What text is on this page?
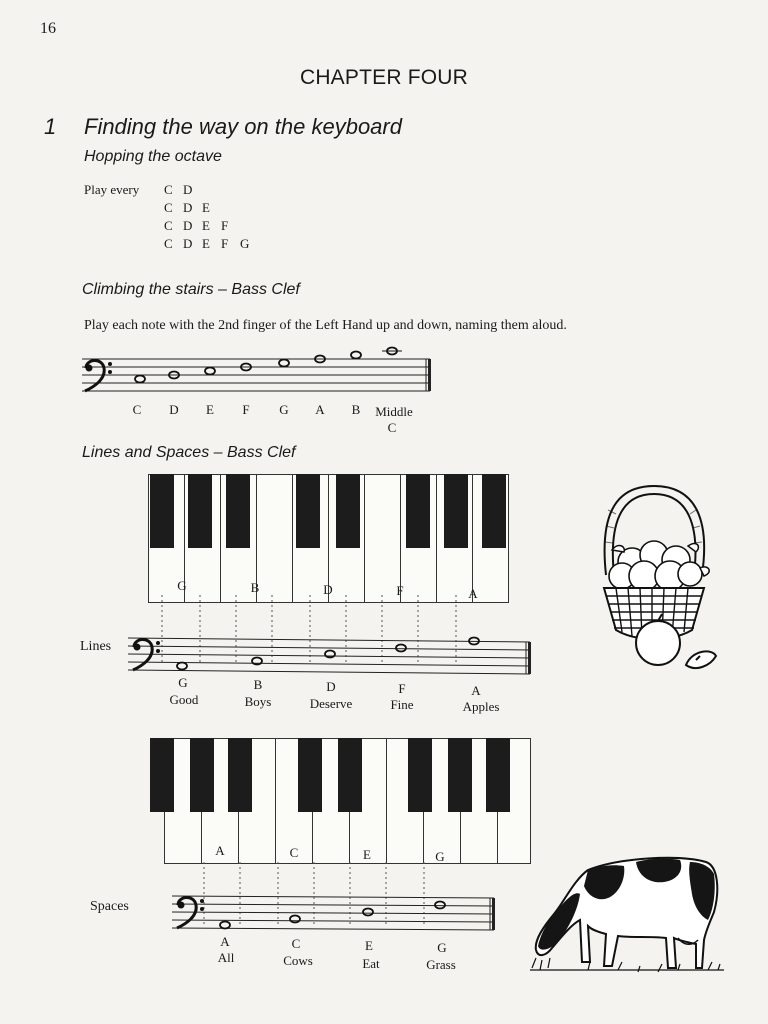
16
CHAPTER FOUR
1 Finding the way on the keyboard
Hopping the octave
Play every C D
C D E
C D E F
C D E F G
Climbing the stairs – Bass Clef
Play each note with the 2nd finger of the Left Hand up and down, naming them aloud.
C	D	E	F	G	A	B	Middle
C
Lines and Spaces – Bass Clef
G	B	D	F	A
Lines
G	B	D	F	A
Good	Boys	Deserve	Fine	Apples
A	C	E	G
Spaces
A	C	E	G
All	Cows	Eat	Grass
